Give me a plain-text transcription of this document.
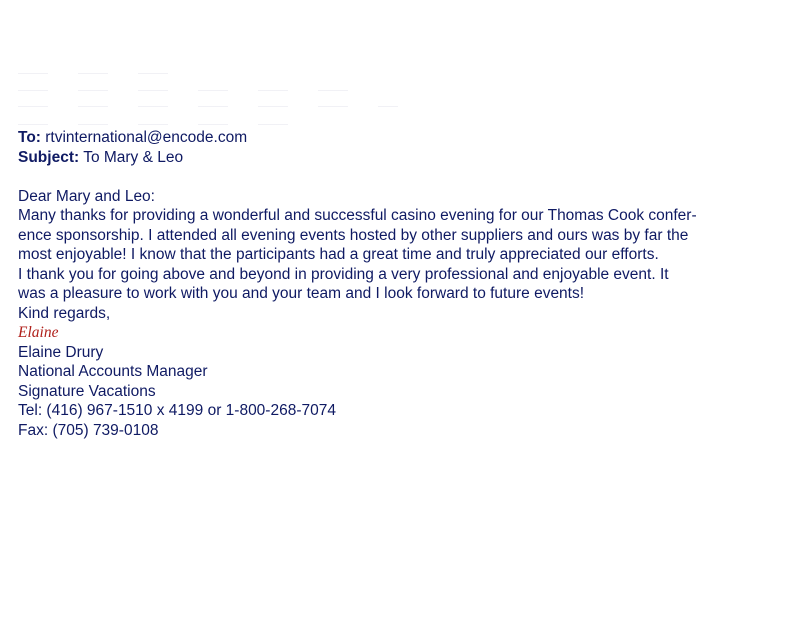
To: rtvinternational@encode.com
Subject: To Mary & Leo
Dear Mary and Leo:
Many thanks for providing a wonderful and successful casino evening for our Thomas Cook confer-
ence sponsorship. I attended all evening events hosted by other suppliers and ours was by far the
most enjoyable! I know that the participants had a great time and truly appreciated our efforts.
I thank you for going above and beyond in providing a very professional and enjoyable event. It
was a pleasure to work with you and your team and I look forward to future events!
Kind regards,
Elaine
Elaine Drury
National Accounts Manager
Signature Vacations
Tel: (416) 967-1510 x 4199 or 1-800-268-7074
Fax: (705) 739-0108
